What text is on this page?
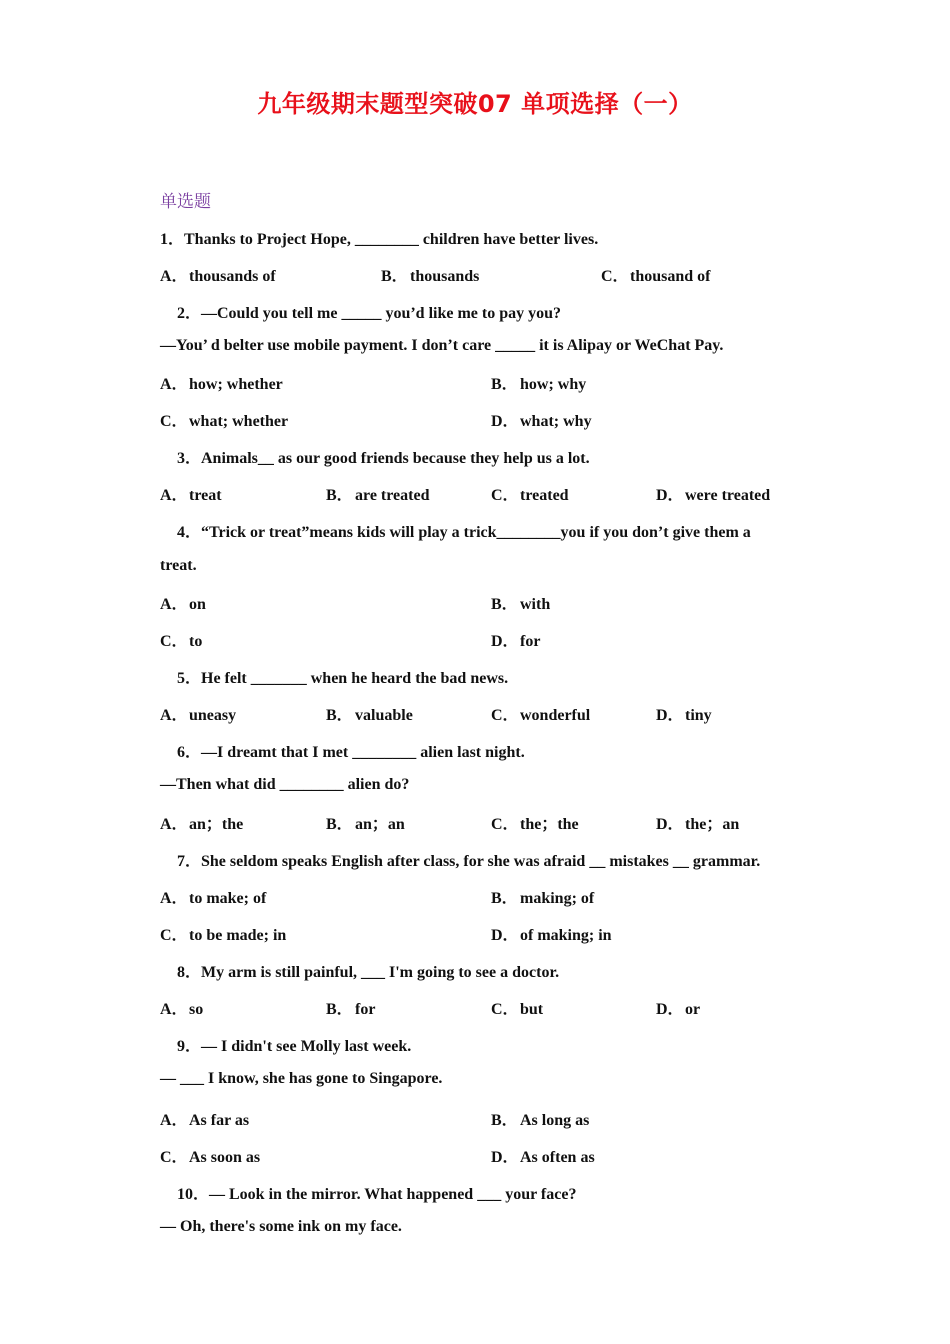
九年级期末题型突破07 单项选择（一）
单选题
1．Thanks to Project Hope, ________ children have better lives.
A．thousands of	B． thousands	C．thousand of
2．—Could you tell me _____ you’d like me to pay you?
—You’ d belter use mobile payment. I don’t care _____ it is Alipay or WeChat Pay.
A．how; whether	B． how; why
C．what; whether	D．what; why
3．Animals__ as our good friends because they help us a lot.
A．treat	B． are treated	C．treated	D．were treated
4．“Trick or treat”means kids will play a trick________you if you don’t give them a
treat.
A．on	B． with
C．to	D．for
5．He felt _______ when he heard the bad news.
A．uneasy	B． valuable	C．wonderful	D．tiny
6．—I dreamt that I met ________ alien last night.
—Then what did ________ alien do?
A．an；the	B． an；an	C．the；the	D．the；an
7．She seldom speaks English after class, for she was afraid __ mistakes __ grammar.
A．to make; of	B． making; of
C．to be made; in	D．of making; in
8．My arm is still painful, ___ I'm going to see a doctor.
A．so	B． for	C．but	D．or
9．— I didn't see Molly last week.
— ___ I know, she has gone to Singapore.
A．As far as	B． As long as
C．As soon as	D．As often as
10．— Look in the mirror. What happened ___ your face?
— Oh, there's some ink on my face.
